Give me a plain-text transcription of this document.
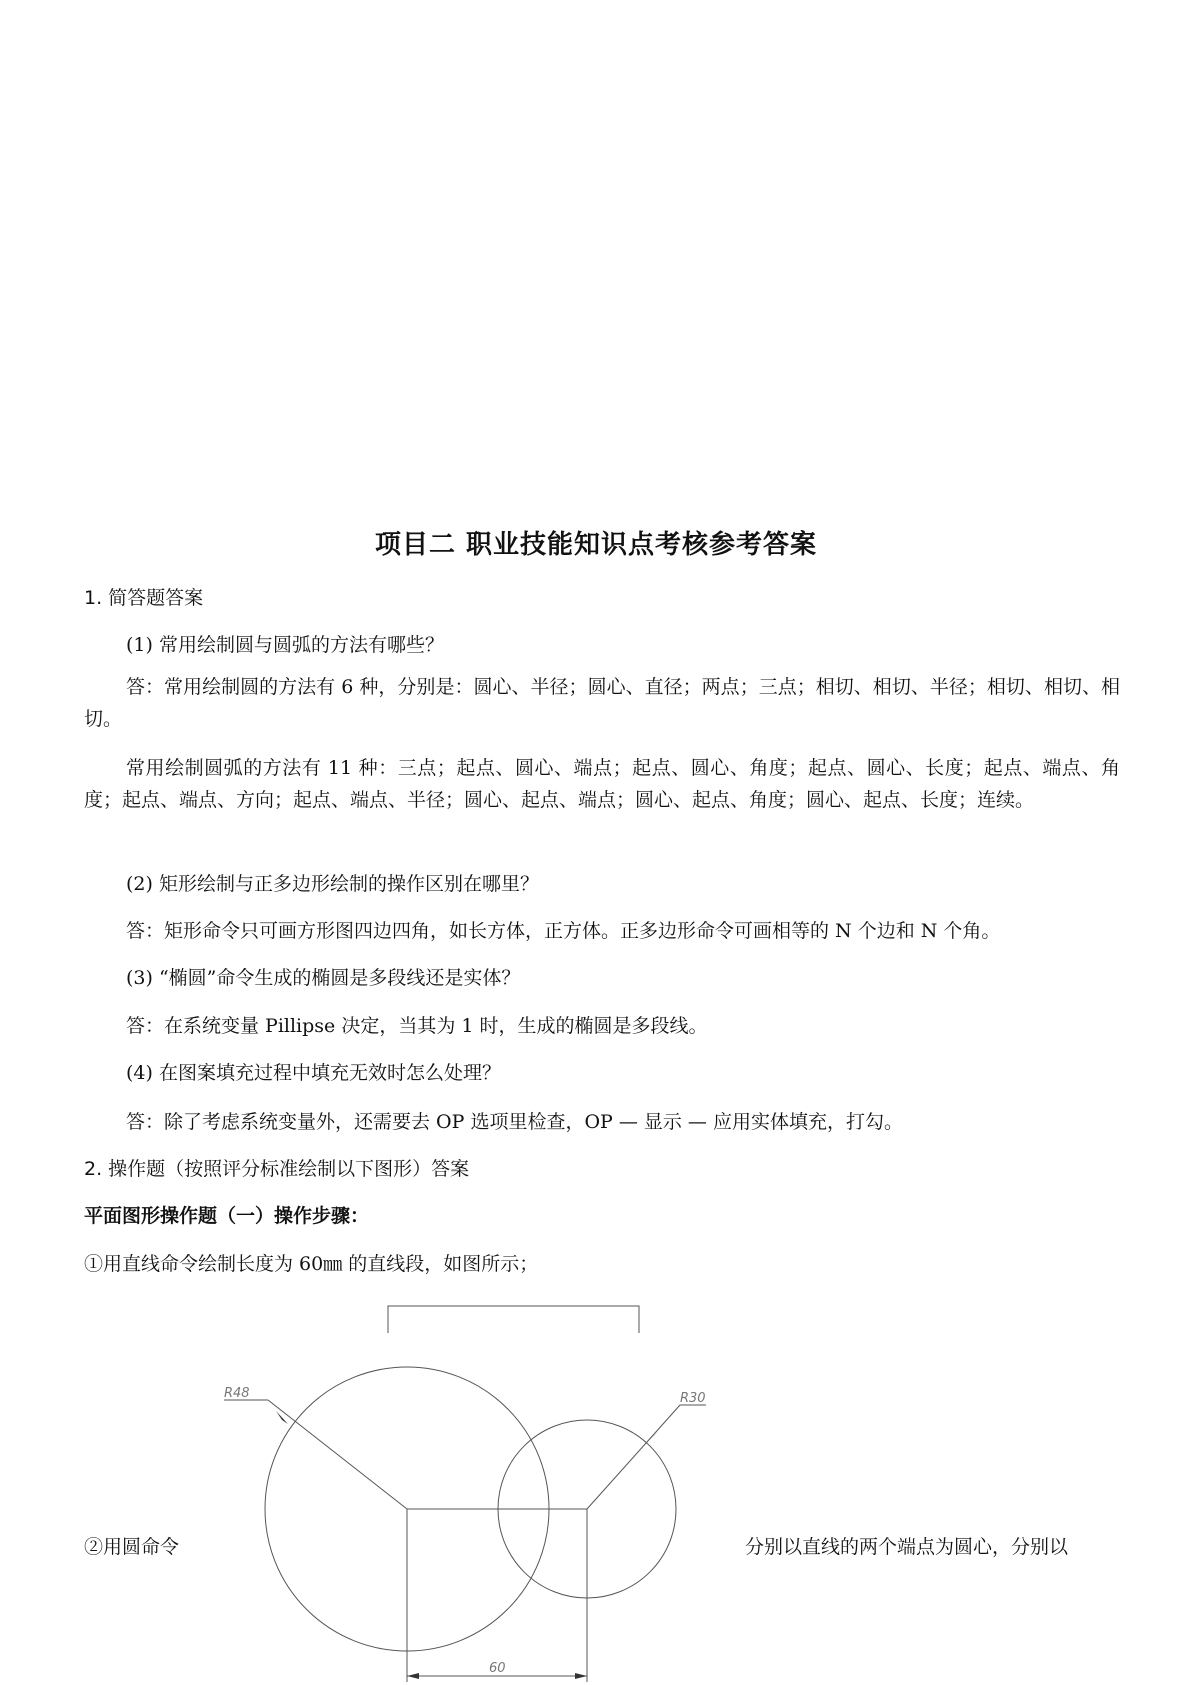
项目二 职业技能知识点考核参考答案
1. 简答题答案
(1) 常用绘制圆与圆弧的方法有哪些？
答：常用绘制圆的方法有 6 种，分别是：圆心、半径；圆心、直径；两点；三点；相切、相切、半径；相切、相切、相切。
常用绘制圆弧的方法有 11 种：三点；起点、圆心、端点；起点、圆心、角度；起点、圆心、长度；起点、端点、角度；起点、端点、方向；起点、端点、半径；圆心、起点、端点；圆心、起点、角度；圆心、起点、长度；连续。
(2) 矩形绘制与正多边形绘制的操作区别在哪里？
答：矩形命令只可画方形图四边四角，如长方体，正方体。正多边形命令可画相等的 N 个边和 N 个角。
(3) “椭圆”命令生成的椭圆是多段线还是实体？
答：在系统变量 Pillipse 决定，当其为 1 时，生成的椭圆是多段线。
(4) 在图案填充过程中填充无效时怎么处理？
答：除了考虑系统变量外，还需要去 OP 选项里检查，OP — 显示 — 应用实体填充，打勾。
2. 操作题（按照评分标准绘制以下图形）答案
平面图形操作题（一）操作步骤：
①用直线命令绘制长度为 60㎜ 的直线段，如图所示；
R48	R30
60
②用圆命令	分别以直线的两个端点为圆心，分别以
